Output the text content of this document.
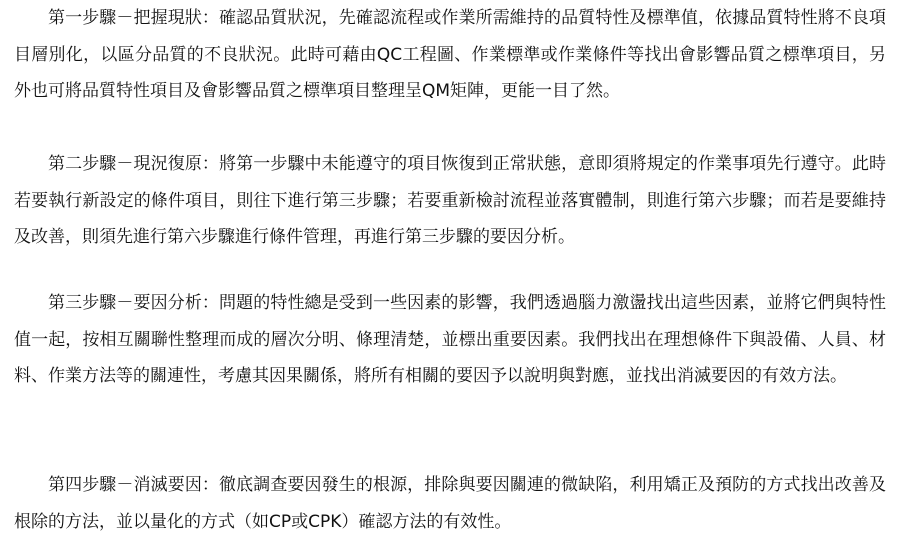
第一步驟－把握現狀：確認品質狀況，先確認流程或作業所需維持的品質特性及標準值，依據品質特性將不良項目層別化，以區分品質的不良狀況。此時可藉由QC工程圖、作業標準或作業條件等找出會影響品質之標準項目，另外也可將品質特性項目及會影響品質之標準項目整理呈QM矩陣，更能一目了然。

第二步驟－現況復原：將第一步驟中未能遵守的項目恢復到正常狀態，意即須將規定的作業事項先行遵守。此時若要執行新設定的條件項目，則往下進行第三步驟；若要重新檢討流程並落實體制，則進行第六步驟；而若是要維持及改善，則須先進行第六步驟進行條件管理，再進行第三步驟的要因分析。

第三步驟－要因分析：問題的特性總是受到一些因素的影響，我們透過腦力激盪找出這些因素，並將它們與特性值一起，按相互關聯性整理而成的層次分明、條理清楚，並標出重要因素。我們找出在理想條件下與設備、人員、材料、作業方法等的關連性，考慮其因果關係，將所有相關的要因予以說明與對應，並找出消滅要因的有效方法。

第四步驟－消滅要因：徹底調查要因發生的根源，排除與要因關連的微缺陷，利用矯正及預防的方式找出改善及根除的方法，並以量化的方式（如CP或CPK）確認方法的有效性。
